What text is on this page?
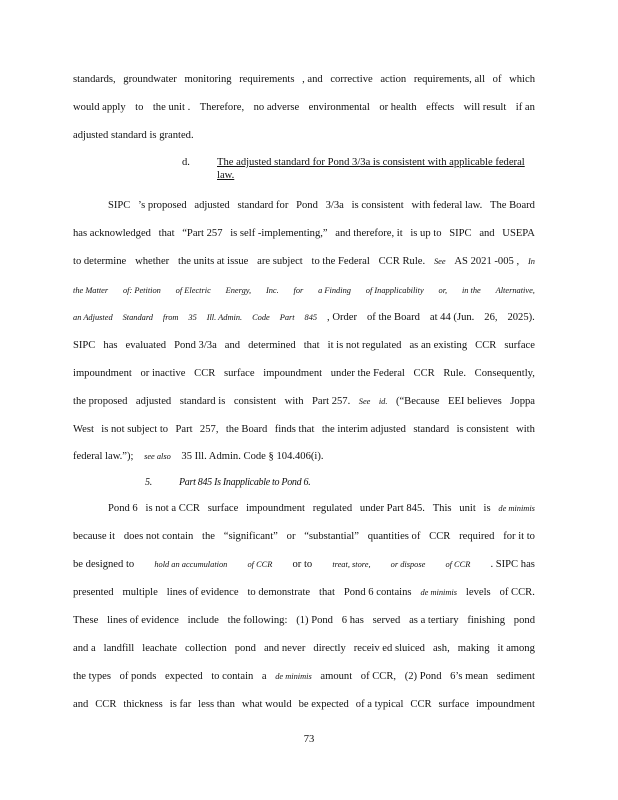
standards, groundwater monitoring requirements , and corrective action requirements, all of which
would apply to the unit . Therefore, no adverse environmental or health effects will result if an
adjusted standard is granted.
d.	The adjusted standard for Pond 3/3a is consistent with applicable federal law.
SIPC ’s proposed adjusted standard for Pond 3/3a is consistent with federal law. The Board
has acknowledged that “Part 257 is self -implementing,” and therefore, it is up to SIPC and USEPA
to determine whether the units at issue are subject to the Federal CCR Rule. See AS 2021 -005 , In
the Matter of: Petition of Electric Energy, Inc. for a Finding of Inapplicability or, in the Alternative,
an Adjusted Standard from 35 Ill. Admin. Code Part 845 , Order of the Board at 44 (Jun. 26, 2025).
SIPC has evaluated Pond 3/3a and determined that it is not regulated as an existing CCR surface
impoundment or inactive CCR surface impoundment under the Federal CCR Rule. Consequently,
the proposed adjusted standard is consistent with Part 257. See id. (“Because EEI believes Joppa
West is not subject to Part 257, the Board finds that the interim adjusted standard is consistent with
federal law.”); see also 35 Ill. Admin. Code § 104.406(i).
5.	Part 845 Is Inapplicable to Pond 6.
Pond 6 is not a CCR surface impoundment regulated under Part 845. This unit is de minimis
because it does not contain the “significant” or “substantial” quantities of CCR required for it to
be designed to hold an accumulation of CCR or to treat, store, or dispose of CCR . SIPC has
presented multiple lines of evidence to demonstrate that Pond 6 contains de minimis levels of CCR.
These lines of evidence include the following: (1) Pond 6 has served as a tertiary finishing pond
and a landfill leachate collection pond and never directly receiv ed sluiced ash, making it among
the types of ponds expected to contain a de minimis amount of CCR, (2) Pond 6’s mean sediment
and CCR thickness is far less than what would be expected of a typical CCR surface impoundment
73
